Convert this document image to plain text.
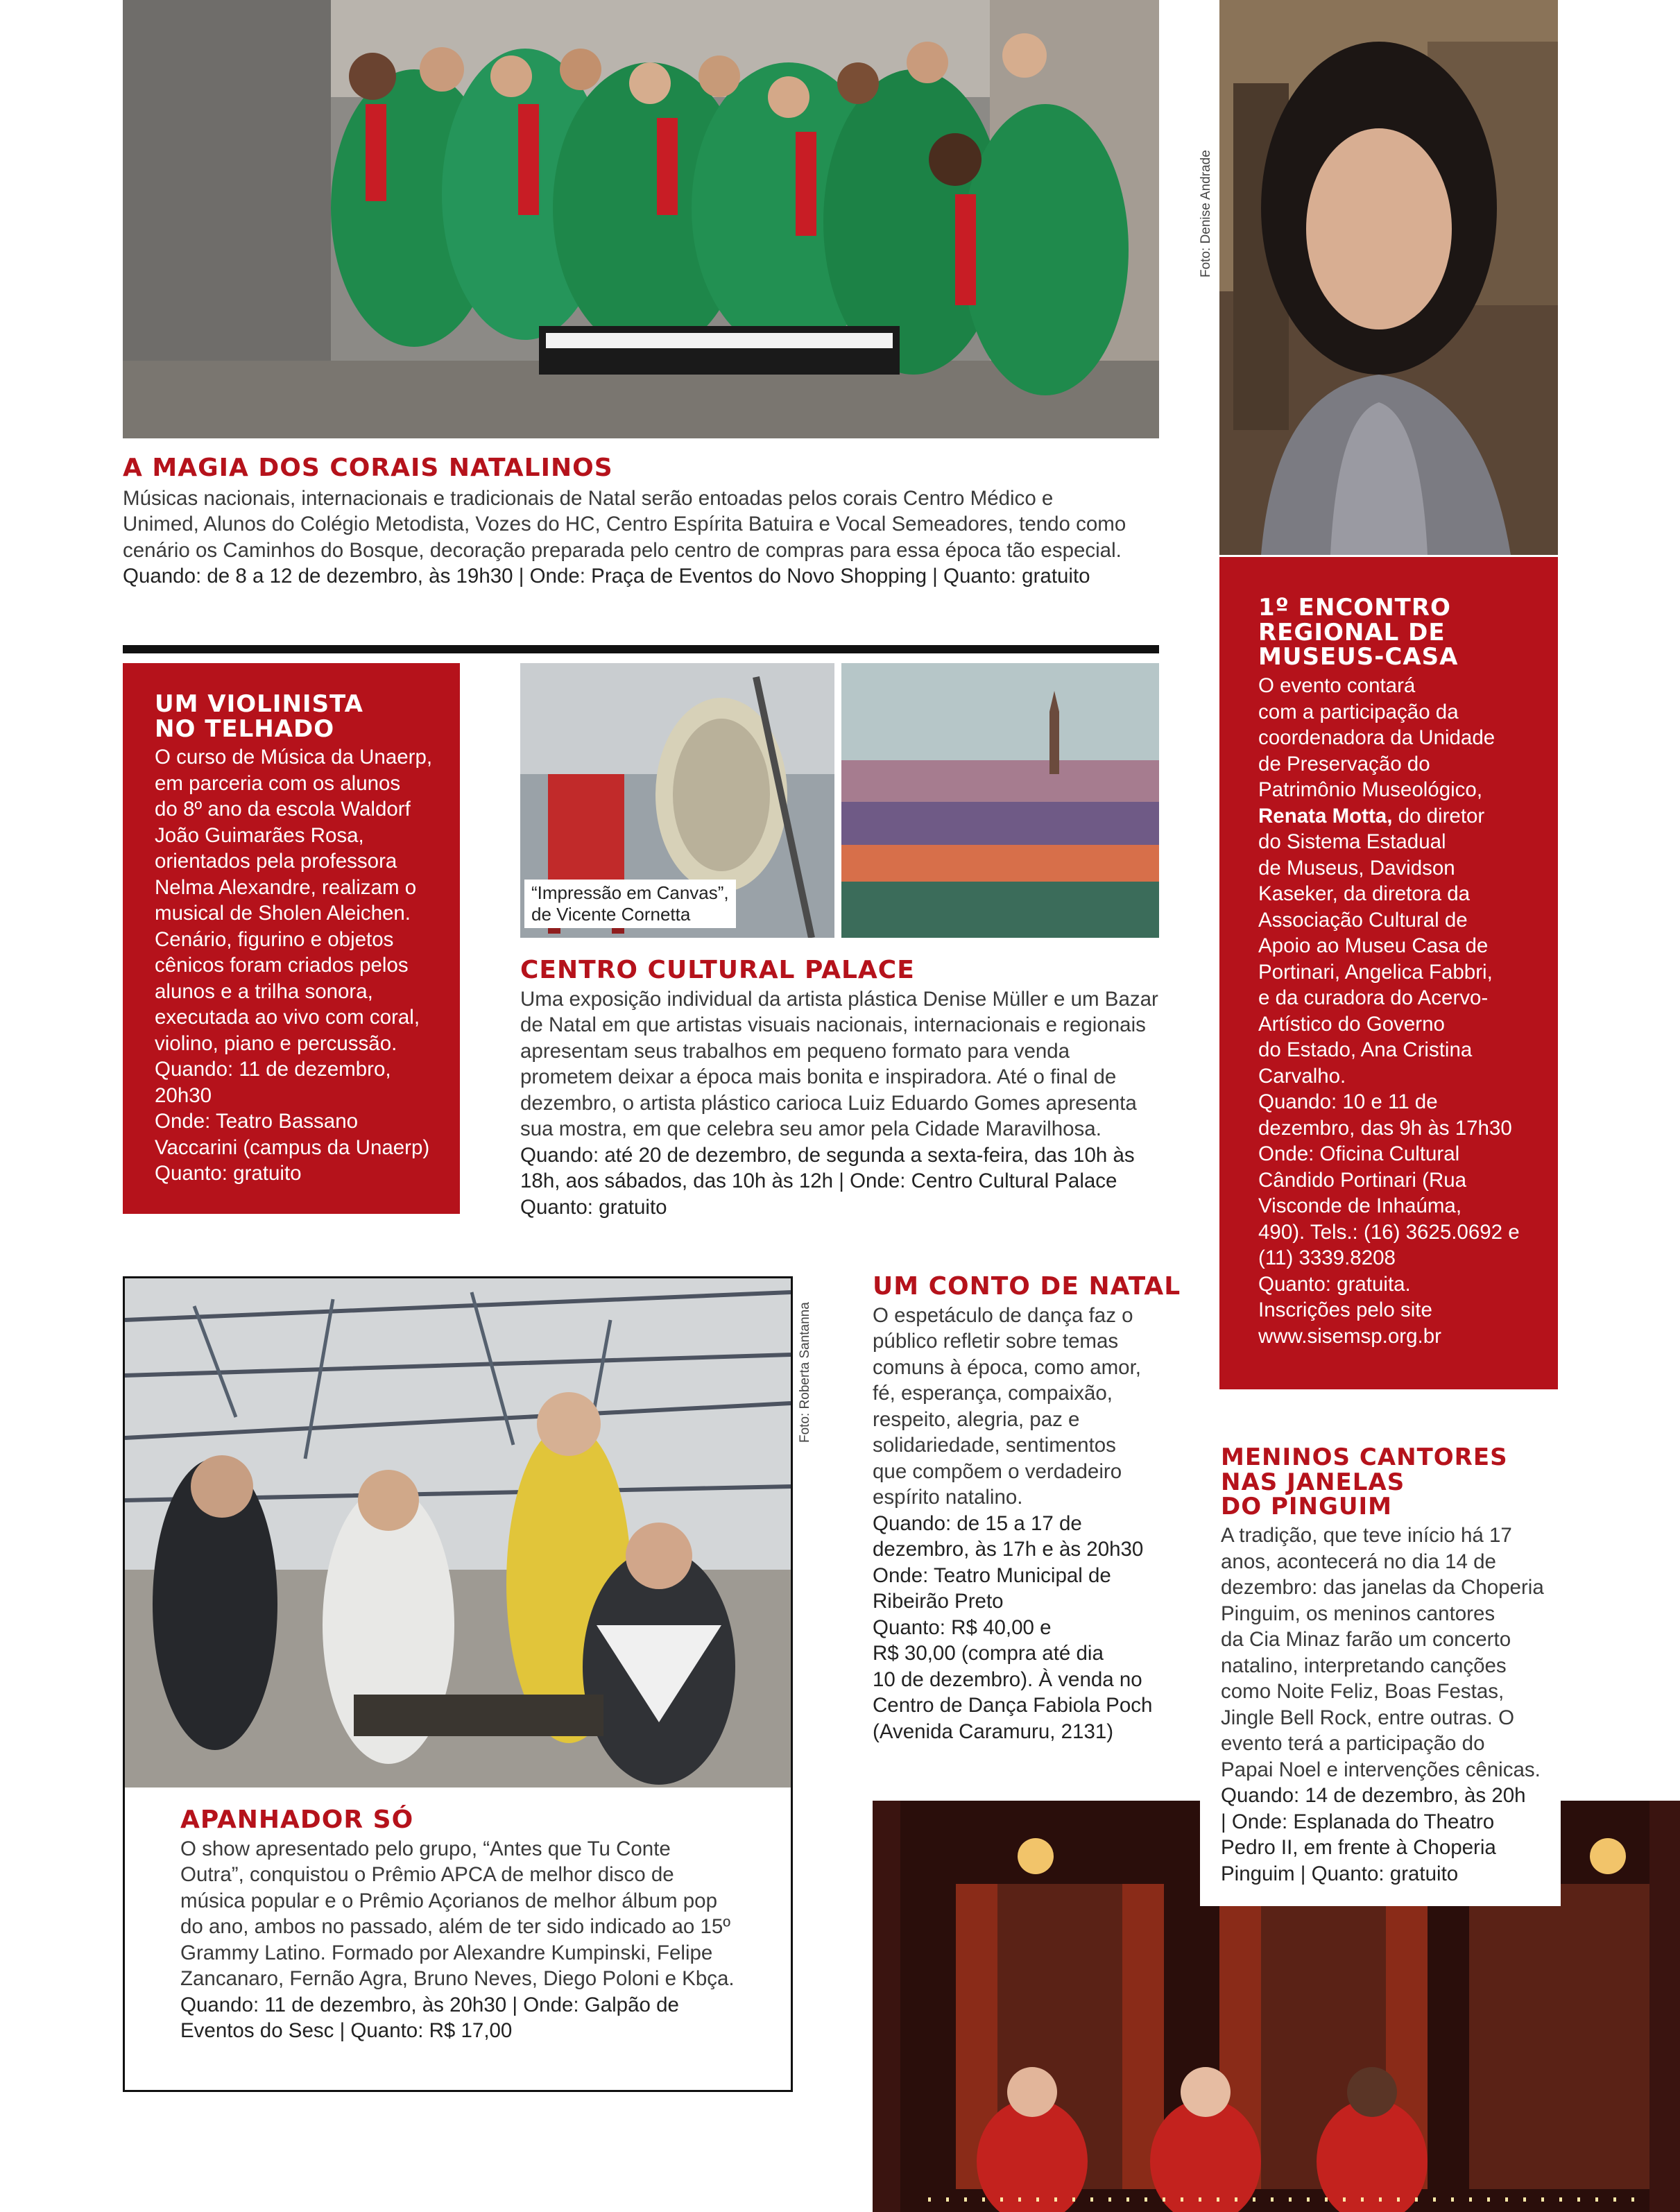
Foto: Denise Andrade
A MAGIA DOS CORAIS NATALINOS

Músicas nacionais, internacionais e tradicionais de Natal serão entoadas pelos corais Centro Médico e
Unimed, Alunos do Colégio Metodista, Vozes do HC, Centro Espírita Batuira e Vocal Semeadores, tendo como
cenário os Caminhos do Bosque, decoração preparada pelo centro de compras para essa época tão especial.
Quando: de 8 a 12 de dezembro, às 19h30 | Onde: Praça de Eventos do Novo Shopping | Quanto: gratuito

1º ENCONTRO
REGIONAL DE
MUSEUS-CASA

O evento contará
com a participação da
coordenadora da Unidade
de Preservação do
Patrimônio Museológico,
Renata Motta, do diretor
do Sistema Estadual
de Museus, Davidson
Kaseker, da diretora da
Associação Cultural de
Apoio ao Museu Casa de
Portinari, Angelica Fabbri,
e da curadora do Acervo-
Artístico do Governo
do Estado, Ana Cristina
Carvalho.
Quando: 10 e 11 de
dezembro, das 9h às 17h30
Onde: Oficina Cultural
Cândido Portinari (Rua
Visconde de Inhaúma,
490). Tels.: (16) 3625.0692 e
(11) 3339.8208
Quanto: gratuita.
Inscrições pelo site
www.sisemsp.org.br

UM VIOLINISTA
NO TELHADO

O curso de Música da Unaerp,
em parceria com os alunos
do 8º ano da escola Waldorf
João Guimarães Rosa,
orientados pela professora
Nelma Alexandre, realizam o
musical de Sholen Aleichen.
Cenário, figurino e objetos
cênicos foram criados pelos
alunos e a trilha sonora,
executada ao vivo com coral,
violino, piano e percussão.
Quando: 11 de dezembro,
20h30
Onde: Teatro Bassano
Vaccarini (campus da Unaerp)
Quanto: gratuito

“Impressão em Canvas”,
de Vicente Cornetta
CENTRO CULTURAL PALACE

Uma exposição individual da artista plástica Denise Müller e um Bazar
de Natal em que artistas visuais nacionais, internacionais e regionais
apresentam seus trabalhos em pequeno formato para venda
prometem deixar a época mais bonita e inspiradora. Até o final de
dezembro, o artista plástico carioca Luiz Eduardo Gomes apresenta
sua mostra, em que celebra seu amor pela Cidade Maravilhosa.
Quando: até 20 de dezembro, de segunda a sexta-feira, das 10h às
18h, aos sábados, das 10h às 12h | Onde: Centro Cultural Palace
Quanto: gratuito

APANHADOR SÓ

O show apresentado pelo grupo, “Antes que Tu Conte
Outra”, conquistou o Prêmio APCA de melhor disco de
música popular e o Prêmio Açorianos de melhor álbum pop
do ano, ambos no passado, além de ter sido indicado ao 15º
Grammy Latino. Formado por Alexandre Kumpinski, Felipe
Zancanaro, Fernão Agra, Bruno Neves, Diego Poloni e Kbça.
Quando: 11 de dezembro, às 20h30 | Onde: Galpão de
Eventos do Sesc | Quanto: R$ 17,00

Foto: Roberta Santanna
UM CONTO DE NATAL

O espetáculo de dança faz o
público refletir sobre temas
comuns à época, como amor,
fé, esperança, compaixão,
respeito, alegria, paz e
solidariedade, sentimentos
que compõem o verdadeiro
espírito natalino.
Quando: de 15 a 17 de
dezembro, às 17h e às 20h30
Onde: Teatro Municipal de
Ribeirão Preto
Quanto: R$ 40,00 e
R$ 30,00 (compra até dia
10 de dezembro). À venda no
Centro de Dança Fabiola Poch
(Avenida Caramuru, 2131)

MENINOS CANTORES
NAS JANELAS
DO PINGUIM

A tradição, que teve início há 17
anos, acontecerá no dia 14 de
dezembro: das janelas da Choperia
Pinguim, os meninos cantores
da Cia Minaz farão um concerto
natalino, interpretando canções
como Noite Feliz, Boas Festas,
Jingle Bell Rock, entre outras. O
evento terá a participação do
Papai Noel e intervenções cênicas.
Quando: 14 de dezembro, às 20h
| Onde: Esplanada do Theatro
Pedro II, em frente à Choperia
Pinguim | Quanto: gratuito
